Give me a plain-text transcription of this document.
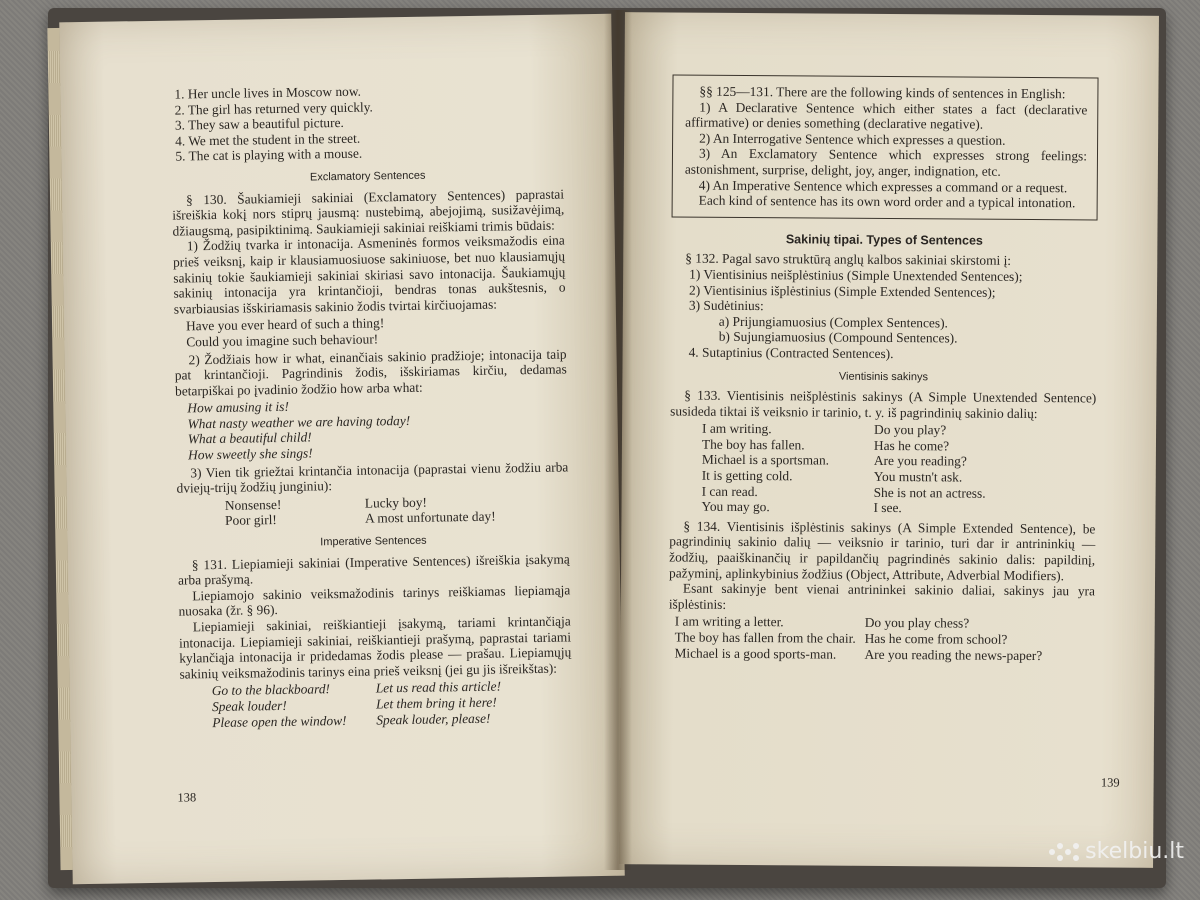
1. Her uncle lives in Moscow now.
2. The girl has returned very quickly.
3. They saw a beautiful picture.
4. We met the student in the street.
5. The cat is playing with a mouse.
Exclamatory Sentences

§ 130. Šaukiamieji sakiniai (Exclamatory Sentences) paprastai išreiškia kokį nors stiprų jausmą: nustebimą, abejojimą, susižavėjimą, džiaugsmą, pasipiktinimą. Saukiamieji sakiniai reiškiami trimis būdais:

1) Žodžių tvarka ir intonacija. Asmeninės formos veiksmažodis eina prieš veiksnį, kaip ir klausiamuosiuose sakiniuose, bet nuo klausiamųjų sakinių tokie šaukiamieji sakiniai skiriasi savo intonacija. Šaukiamųjų sakinių intonacija yra krintančioji, bendras tonas aukštesnis, o svarbiausias išskiriamasis sakinio žodis tvirtai kirčiuojamas:

Have you ever heard of such a thing!
Could you imagine such behaviour!

2) Žodžiais how ir what, einančiais sakinio pradžioje; intonacija taip pat krintančioji. Pagrindinis žodis, išskiriamas kirčiu, dedamas betarpiškai po įvadinio žodžio how arba what:

How amusing it is!
What nasty weather we are having today!
What a beautiful child!
How sweetly she sings!

3) Vien tik griežtai krintančia intonacija (paprastai vienu žodžiu arba dviejų-trijų žodžių junginiu):

Nonsense!
Poor girl!
Lucky boy!
A most unfortunate day!
Imperative Sentences

§ 131. Liepiamieji sakiniai (Imperative Sentences) išreiškia įsakymą arba prašymą.

Liepiamojo sakinio veiksmažodinis tarinys reiškiamas liepiamąja nuosaka (žr. § 96).

Liepiamieji sakiniai, reiškiantieji įsakymą, tariami krintančiąja intonacija. Liepiamieji sakiniai, reiškiantieji prašymą, paprastai tariami kylančiąja intonacija ir pridedamas žodis please — prašau. Liepiamųjų sakinių veiksmažodinis tarinys eina prieš veiksnį (jei gu jis išreikštas):

Go to the blackboard!
Speak louder!
Please open the window!
Let us read this article!
Let them bring it here!
Speak louder, please!
138

§§ 125—131. There are the following kinds of sentences in English:

1) A Declarative Sentence which either states a fact (declarative affirmative) or denies something (declarative negative).

2) An Interrogative Sentence which expresses a question.

3) An Exclamatory Sentence which expresses strong feelings: astonishment, surprise, delight, joy, anger, indignation, etc.

4) An Imperative Sentence which expresses a command or a request.

Each kind of sentence has its own word order and a typical intonation.

Sakinių tipai. Types of Sentences

§ 132. Pagal savo struktūrą anglų kalbos sakiniai skirstomi į:

1) Vientisinius neišplėstinius (Simple Unextended Sentences);
2) Vientisinius išplėstinius (Simple Extended Sentences);
3) Sudėtinius:
a) Prijungiamuosius (Complex Sentences).
b) Sujungiamuosius (Compound Sentences).
4. Sutaptinius (Contracted Sentences).
Vientisinis sakinys

§ 133. Vientisinis neišplėstinis sakinys (A Simple Unextended Sentence) susideda tiktai iš veiksnio ir tarinio, t. y. iš pagrindinių sakinio dalių:

I am writing.
The boy has fallen.
Michael is a sportsman.
It is getting cold.
I can read.
You may go.
Do you play?
Has he come?
Are you reading?
You mustn't ask.
She is not an actress.
I see.

§ 134. Vientisinis išplėstinis sakinys (A Simple Extended Sentence), be pagrindinių sakinio dalių — veiksnio ir tarinio, turi dar ir antrininkių — žodžių, paaiškinančių ir papildančių pagrindinės sakinio dalis: papildinį, pažyminį, aplinkybinius žodžius (Object, Attribute, Adverbial Modifiers).

Esant sakinyje bent vienai antrininkei sakinio daliai, sakinys jau yra išplėstinis:

I am writing a letter.
The boy has fallen from the chair.
Michael is a good sports-man.
Do you play chess?
Has he come from school?
Are you reading the news-paper?
139
skelbiu.lt
